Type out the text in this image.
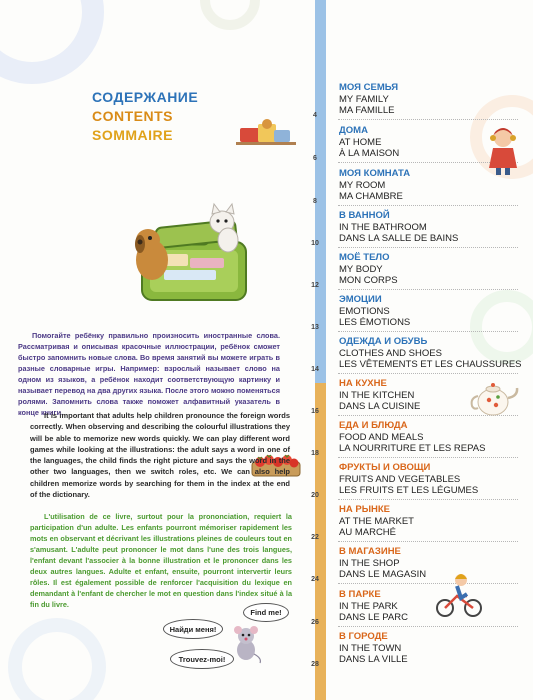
СОДЕРЖАНИЕ
CONTENTS
SOMMAIRE

Помогайте ребёнку правильно произносить иностранные слова. Рассматривая и описывая красочные иллюстрации, ребёнок сможет быстро запомнить новые слова. Во время занятий вы можете играть в разные словарные игры. Например: взрослый называет слово на одном из языков, а ребёнок находит соответствующую картинку и называет перевод на два других языка. После этого можно поменяться ролями. Запомнить слова также поможет алфавитный указатель в конце книги.

It is important that adults help children pronounce the foreign words correctly. When observing and describing the colourful illustrations they will be able to memorize new words quickly. We can play different word games while looking at the illustrations: the adult says a word in one of the languages, the child finds the right picture and says the word in the other two languages, then we switch roles, etc. We can also help children memorize words by searching for them in the index at the end of the dictionary.

L'utilisation de ce livre, surtout pour la prononciation, requiert la participation d'un adulte. Les enfants pourront mémoriser rapidement les mots en observant et décrivant les illustrations pleines de couleurs tout en s'amusant. L'adulte peut prononcer le mot dans l'une des trois langues, l'enfant devant l'associer à la bonne illustration et le prononcer dans les deux autres langues. Adulte et enfant, ensuite, pourront intervertir leurs rôles. Il est également possible de renforcer l'acquisition du lexique en demandant à l'enfant de chercher le mot en question dans l'index situé à la fin du livre.

Найди меня!
Find me!
Trouvez-moi!
4
МОЯ СЕМЬЯ
MY FAMILY
MA FAMILLE
6
ДОМА
AT HOME
À LA MAISON
8
МОЯ КОМНАТА
MY ROOM
MA CHAMBRE
10
В ВАННОЙ
IN THE BATHROOM
DANS LA SALLE DE BAINS
12
МОЁ ТЕЛО
MY BODY
MON CORPS
13
ЭМОЦИИ
EMOTIONS
LES ÉMOTIONS
14
ОДЕЖДА И ОБУВЬ
CLOTHES AND SHOES
LES VÊTEMENTS ET LES CHAUSSURES
16
НА КУХНЕ
IN THE KITCHEN
DANS LA CUISINE
18
ЕДА И БЛЮДА
FOOD AND MEALS
LA NOURRITURE ET LES REPAS
20
ФРУКТЫ И ОВОЩИ
FRUITS AND VEGETABLES
LES FRUITS ET LES LÉGUMES
22
НА РЫНКЕ
AT THE MARKET
AU MARCHÉ
24
В МАГАЗИНЕ
IN THE SHOP
DANS LE MAGASIN
26
В ПАРКЕ
IN THE PARK
DANS LE PARC
28
В ГОРОДЕ
IN THE TOWN
DANS LA VILLE
